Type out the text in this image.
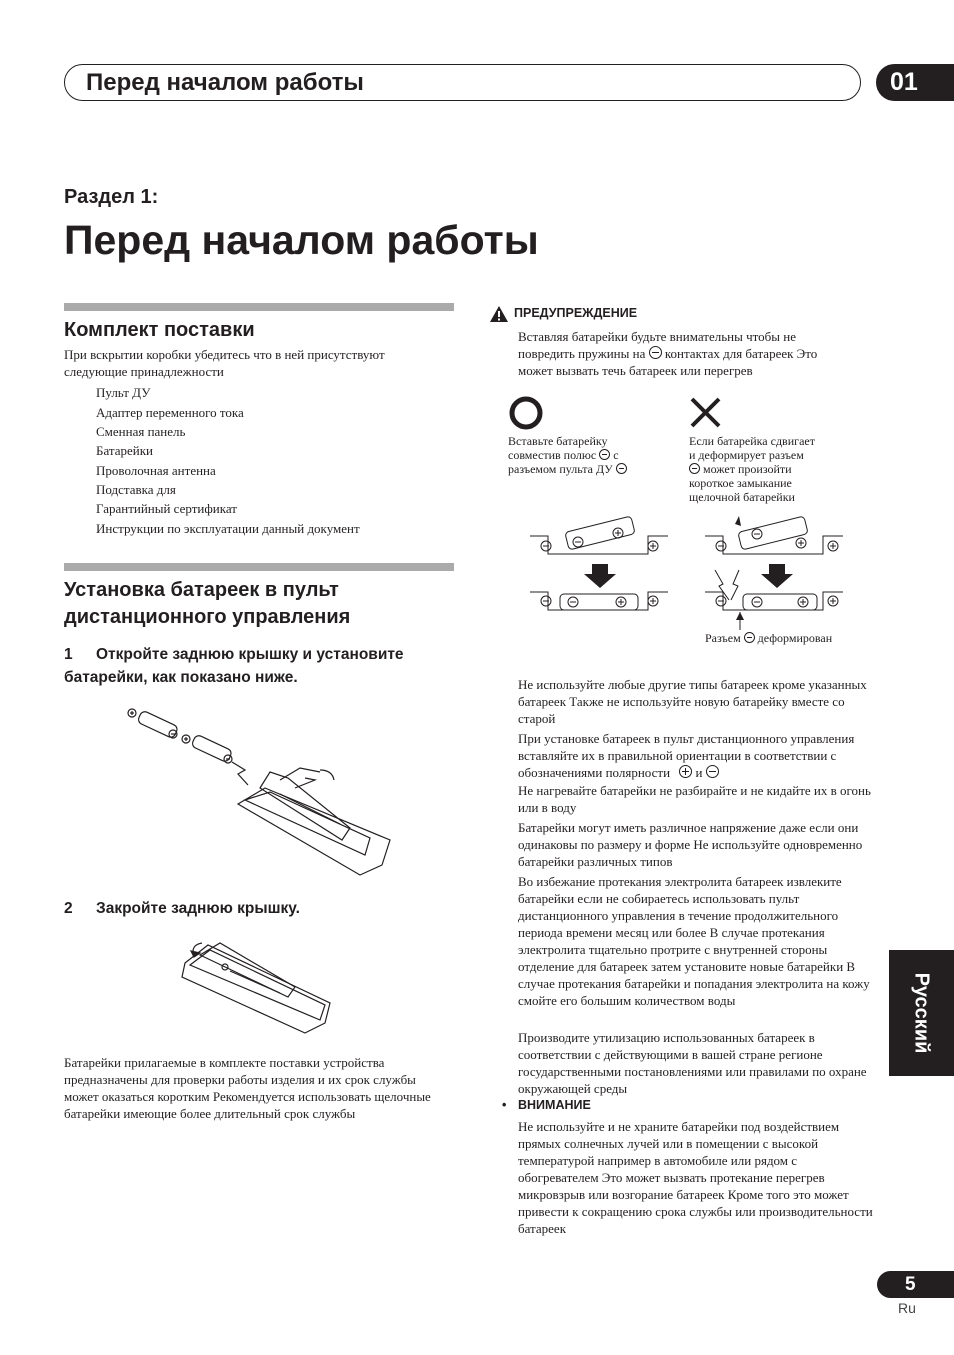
Перед началом работы	01
Раздел 1:
Перед началом работы
Комплект поставки
При вскрытии коробки убедитесь что в ней присутствуют следующие принадлежности
Пульт ДУ
Адаптер переменного тока
Сменная панель
Батарейки
Проволочная антенна
Подставка для
Гарантийный сертификат
Инструкции по эксплуатации данный документ
Установка батареек в пульт
дистанционного управления
1 Откройте заднюю крышку и установите
батарейки, как показано ниже.
2 Закройте заднюю крышку.
Батарейки прилагаемые в комплекте поставки устройства предназначены для проверки работы изделия и их срок службы может оказаться коротким Рекомендуется использовать щелочные батарейки имеющие более длительный срок службы
ПРЕДУПРЕЖДЕНИЕ
Вставляя батарейки будьте внимательны чтобы не
повредить пружины на контактах для батареек Это
может вызвать течь батареек или перегрев
Вставьте батарейку
совместив полюс с
разъемом пульта ДУ
Если батарейка сдвигает
и деформирует разъем
может произойти
короткое замыкание
щелочной батарейки
Разъем деформирован
Не используйте любые другие типы батареек кроме указанных батареек Также не используйте новую батарейку вместе со старой
При установке батареек в пульт дистанционного управления вставляйте их в правильной ориентации в соответствии с обозначениями полярности и
Не нагревайте батарейки не разбирайте и не кидайте их в огонь или в воду
Батарейки могут иметь различное напряжение даже если они одинаковы по размеру и форме Не используйте одновременно батарейки различных типов
Во избежание протекания электролита батареек извлеките батарейки если не собираетесь использовать пульт дистанционного управления в течение продолжительного периода времени месяц или более В случае протекания электролита тщательно протрите с внутренней стороны отделение для батареек затем установите новые батарейки В случае протекания батарейки и попадания электролита на кожу смойте его большим количеством воды
Производите утилизацию использованных батареек в соответствии с действующими в вашей стране регионе государственными постановлениями или правилами по охране окружающей среды
• ВНИМАНИЕ
Не используйте и не храните батарейки под воздействием прямых солнечных лучей или в помещении с высокой температурой например в автомобиле или рядом с обогревателем Это может вызвать протекание перегрев микровзрыв или возгорание батареек Кроме того это может привести к сокращению срока службы или производительности батареек
Русский
5
Ru
